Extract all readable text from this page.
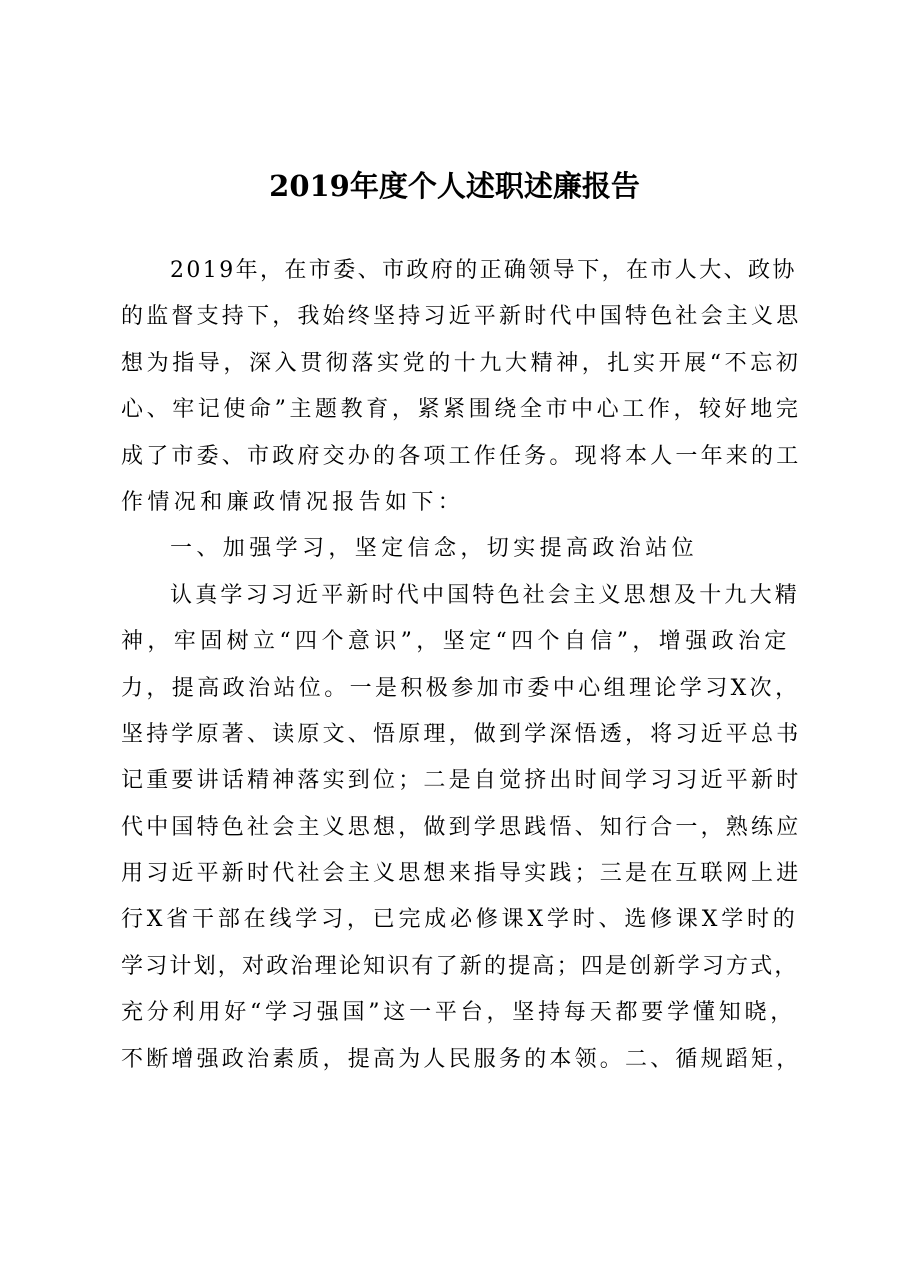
2019年度个人述职述廉报告
2019年，在市委、市政府的正确领导下，在市人大、政协
的监督支持下，我始终坚持习近平新时代中国特色社会主义思
想为指导，深入贯彻落实党的十九大精神，扎实开展“不忘初
心、牢记使命”主题教育，紧紧围绕全市中心工作，较好地完
成了市委、市政府交办的各项工作任务。现将本人一年来的工
作情况和廉政情况报告如下：
一、加强学习，坚定信念，切实提高政治站位
认真学习习近平新时代中国特色社会主义思想及十九大精
神，牢固树立“四个意识”，坚定“四个自信”，增强政治定
力，提高政治站位。一是积极参加市委中心组理论学习X次，
坚持学原著、读原文、悟原理，做到学深悟透，将习近平总书
记重要讲话精神落实到位；二是自觉挤出时间学习习近平新时
代中国特色社会主义思想，做到学思践悟、知行合一，熟练应
用习近平新时代社会主义思想来指导实践；三是在互联网上进
行X省干部在线学习，已完成必修课X学时、选修课X学时的
学习计划，对政治理论知识有了新的提高；四是创新学习方式，
充分利用好“学习强国”这一平台，坚持每天都要学懂知晓，
不断增强政治素质，提高为人民服务的本领。二、循规蹈矩，
